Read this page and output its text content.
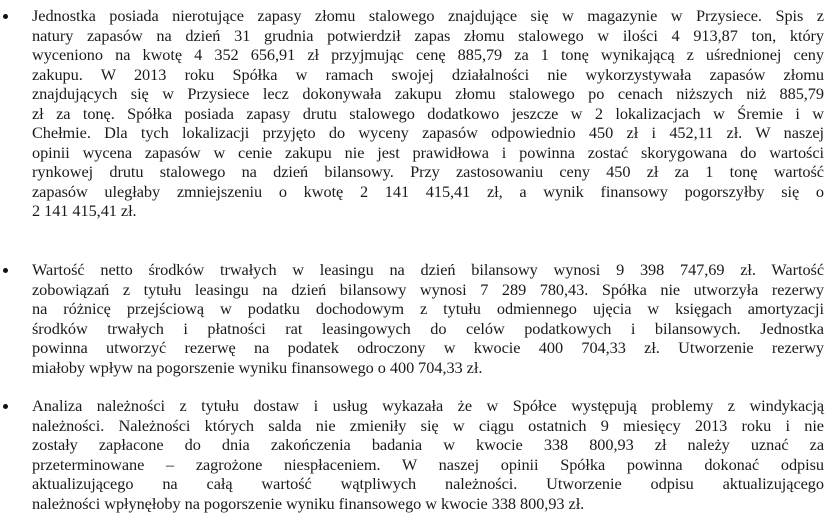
Jednostka posiada nierotujące zapasy złomu stalowego znajdujące się w magazynie w Przysiece. Spis z
natury zapasów na dzień 31 grudnia potwierdził zapas złomu stalowego w ilości 4 913,87 ton, który
wyceniono na kwotę 4 352 656,91 zł przyjmując cenę 885,79 za 1 tonę wynikającą z uśrednionej ceny
zakupu. W 2013 roku Spółka w ramach swojej działalności nie wykorzystywała zapasów złomu
znajdujących się w Przysiece lecz dokonywała zakupu złomu stalowego po cenach niższych niż 885,79
zł za tonę. Spółka posiada zapasy drutu stalowego dodatkowo jeszcze w 2 lokalizacjach w Śremie i w
Chełmie. Dla tych lokalizacji przyjęto do wyceny zapasów odpowiednio 450 zł i 452,11 zł. W naszej
opinii wycena zapasów w cenie zakupu nie jest prawidłowa i powinna zostać skorygowana do wartości
rynkowej drutu stalowego na dzień bilansowy. Przy zastosowaniu ceny 450 zł za 1 tonę wartość
zapasów uległaby zmniejszeniu o kwotę 2 141 415,41 zł, a wynik finansowy pogorszyłby się o
2 141 415,41 zł.
Wartość netto środków trwałych w leasingu na dzień bilansowy wynosi 9 398 747,69 zł. Wartość
zobowiązań z tytułu leasingu na dzień bilansowy wynosi 7 289 780,43. Spółka nie utworzyła rezerwy
na różnicę przejściową w podatku dochodowym z tytułu odmiennego ujęcia w księgach amortyzacji
środków trwałych i płatności rat leasingowych do celów podatkowych i bilansowych. Jednostka
powinna utworzyć rezerwę na podatek odroczony w kwocie 400 704,33 zł. Utworzenie rezerwy
miałoby wpływ na pogorszenie wyniku finansowego o 400 704,33 zł.
Analiza należności z tytułu dostaw i usług wykazała że w Spółce występują problemy z windykacją
należności. Należności których salda nie zmieniły się w ciągu ostatnich 9 miesięcy 2013 roku i nie
zostały zapłacone do dnia zakończenia badania w kwocie 338 800,93 zł należy uznać za
przeterminowane – zagrożone niespłaceniem. W naszej opinii Spółka powinna dokonać odpisu
aktualizującego na całą wartość wątpliwych należności. Utworzenie odpisu aktualizującego
należności wpłynęłoby na pogorszenie wyniku finansowego w kwocie 338 800,93 zł.
